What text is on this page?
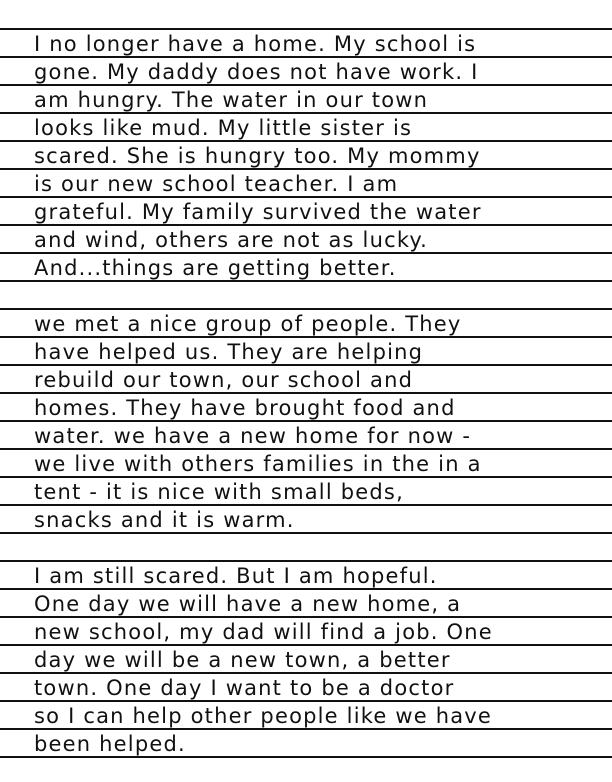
I no longer have a home. My school is
gone. My daddy does not have work. I
am hungry. The water in our town
looks like mud. My little sister is
scared. She is hungry too. My mommy
is our new school teacher. I am
grateful. My family survived the water
and wind, others are not as lucky.
And...things are getting better.
we met a nice group of people. They
have helped us. They are helping
rebuild our town, our school and
homes. They have brought food and
water. we have a new home for now -
we live with others families in the in a
tent - it is nice with small beds,
snacks and it is warm.
I am still scared. But I am hopeful.
One day we will have a new home, a
new school, my dad will find a job. One
day we will be a new town, a better
town. One day I want to be a doctor
so I can help other people like we have
been helped.
